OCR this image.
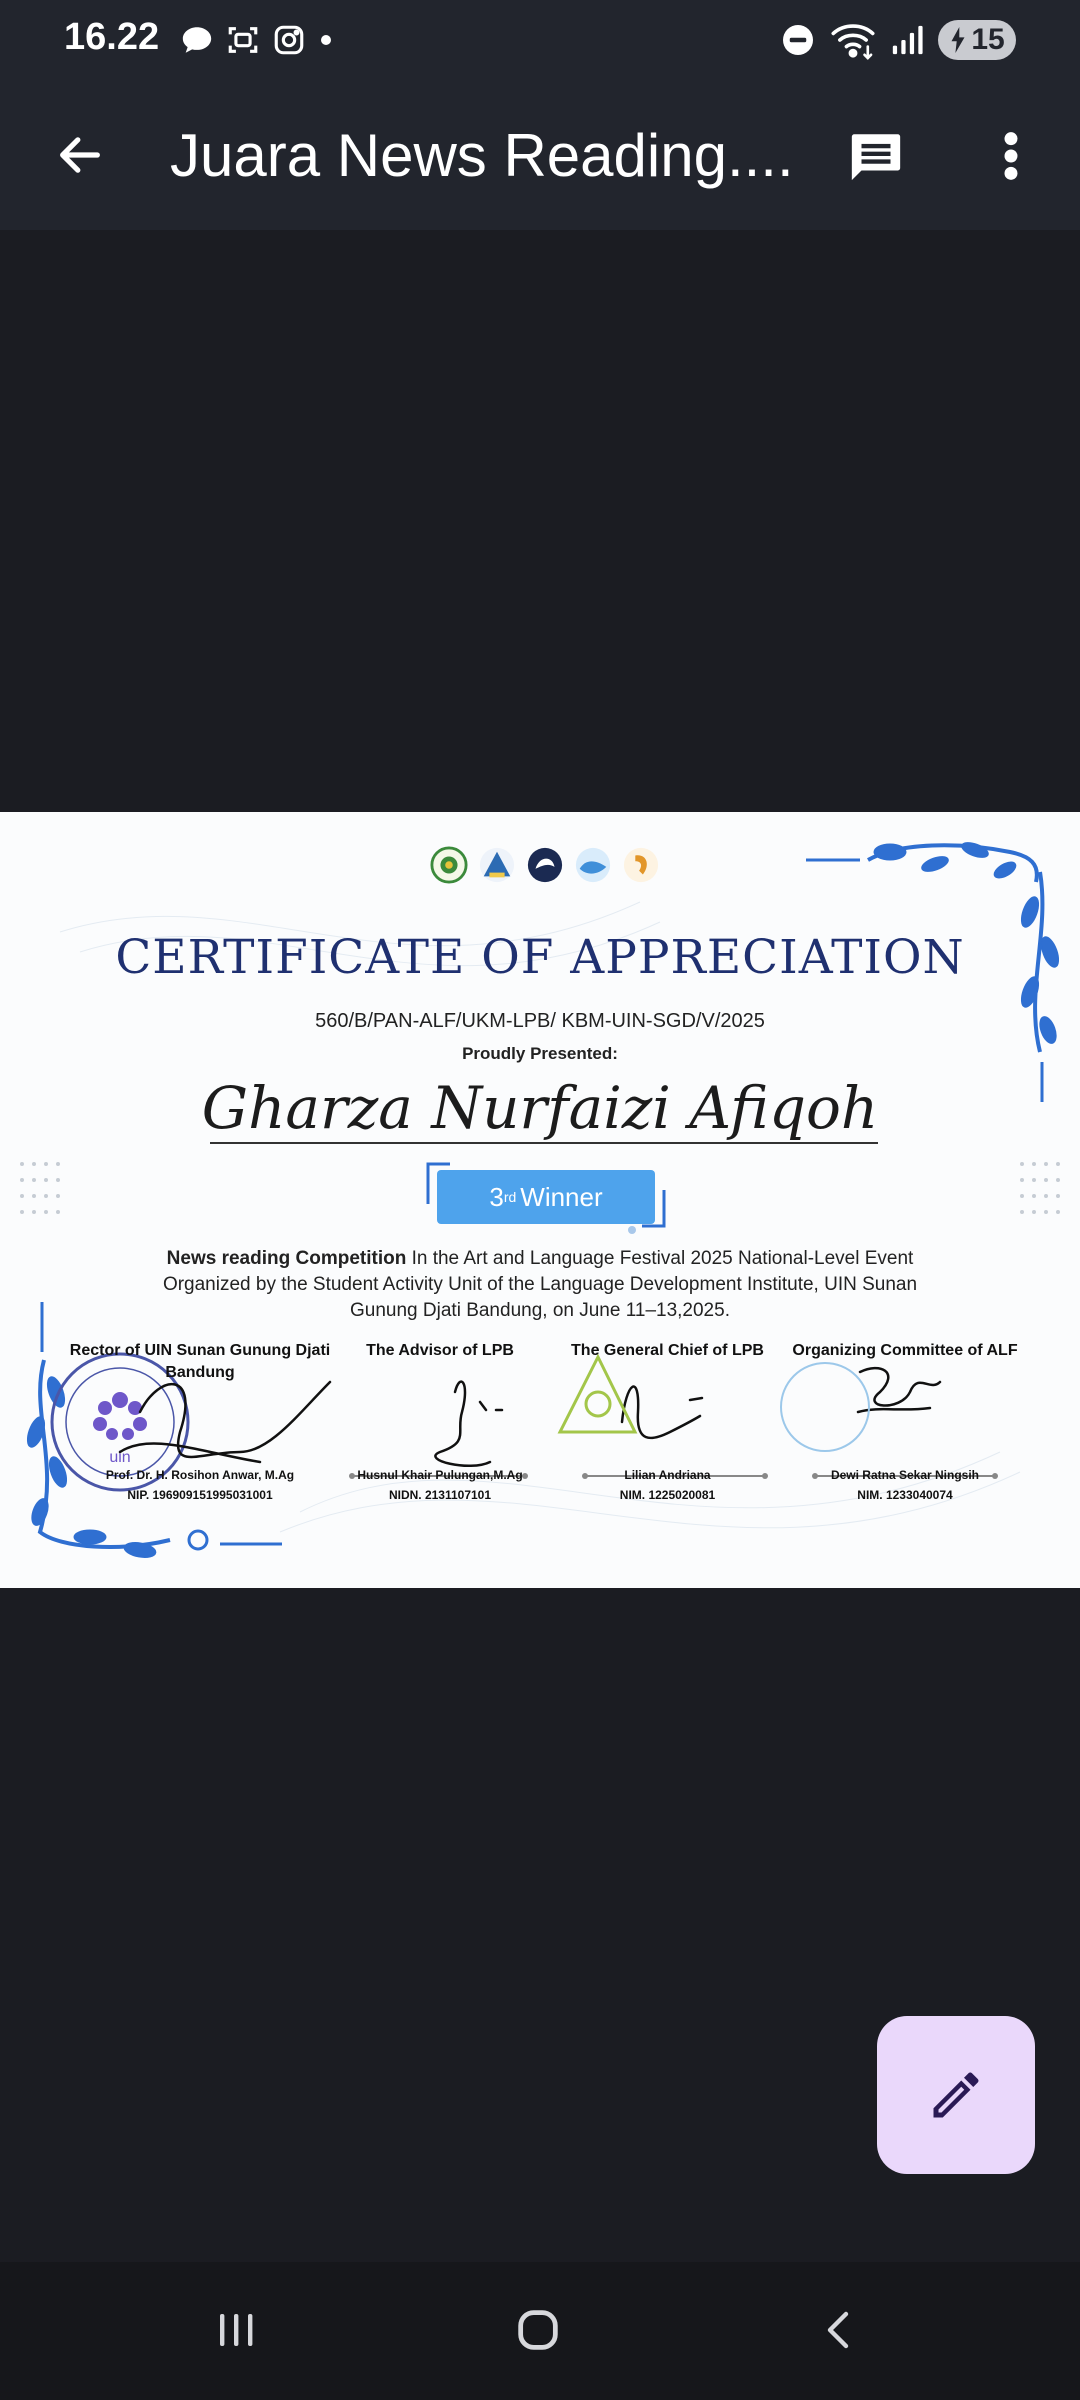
16.22	15
Juara News Reading....
uin
CERTIFICATE OF APPRECIATION
560/B/PAN-ALF/UKM-LPB/ KBM-UIN-SGD/V/2025
Proudly Presented:
Gharza Nurfaizi Afiqoh
3 rd Winner
News reading Competition In the Art and Language Festival 2025 National-Level Event Organized by the Student Activity Unit of the Language Development Institute, UIN Sunan Gunung Djati Bandung, on June 11–13,2025.
Rector of UIN Sunan Gunung Djati Bandung
Prof. Dr. H. Rosihon Anwar, M.Ag
NIP. 196909151995031001
The Advisor of LPB
Husnul Khair Pulungan,M.Ag
NIDN. 2131107101
The General Chief of LPB
Lilian Andriana
NIM. 1225020081
Organizing Committee of ALF
Dewi Ratna Sekar Ningsih
NIM. 1233040074
